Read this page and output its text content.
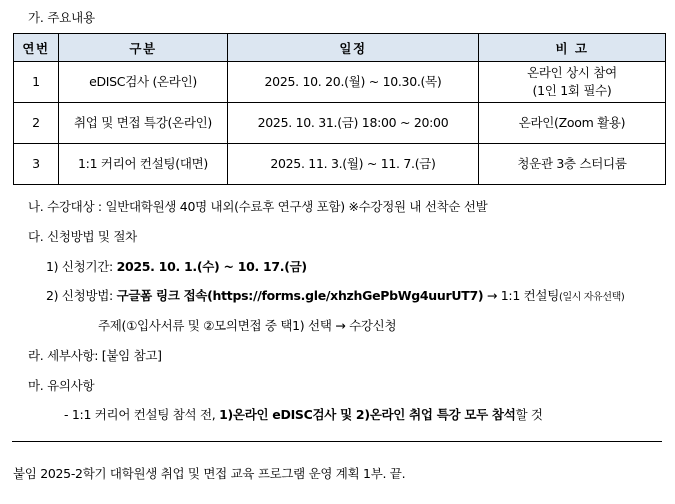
가. 주요내용
연번	구분	일정	비 고
1	eDISC검사 (온라인)	2025. 10. 20.(월) ~ 10.30.(목)	온라인 상시 참여
(1인 1회 필수)

2	취업 및 면접 특강(온라인)	2025. 10. 31.(금) 18:00 ~ 20:00	온라인(Zoom 활용)
3	1:1 커리어 컨설팅(대면)	2025. 11. 3.(월) ~ 11. 7.(금)	청운관 3층 스터디룸
나. 수강대상 : 일반대학원생 40명 내외(수료후 연구생 포함) ※수강정원 내 선착순 선발
다. 신청방법 및 절차
1) 신청기간: 2025. 10. 1.(수) ~ 10. 17.(금)
2) 신청방법: 구글폼 링크 접속(https://forms.gle/xhzhGePbWg4uurUT7) → 1:1 컨설팅(일시 자유선택)
주제(①입사서류 및 ②모의면접 중 택1) 선택 → 수강신청
라. 세부사항: [붙임 참고]
마. 유의사항
- 1:1 커리어 컨설팅 참석 전, 1)온라인 eDISC검사 및 2)온라인 취업 특강 모두 참석할 것
붙임 2025-2학기 대학원생 취업 및 면접 교육 프로그램 운영 계획 1부. 끝.
